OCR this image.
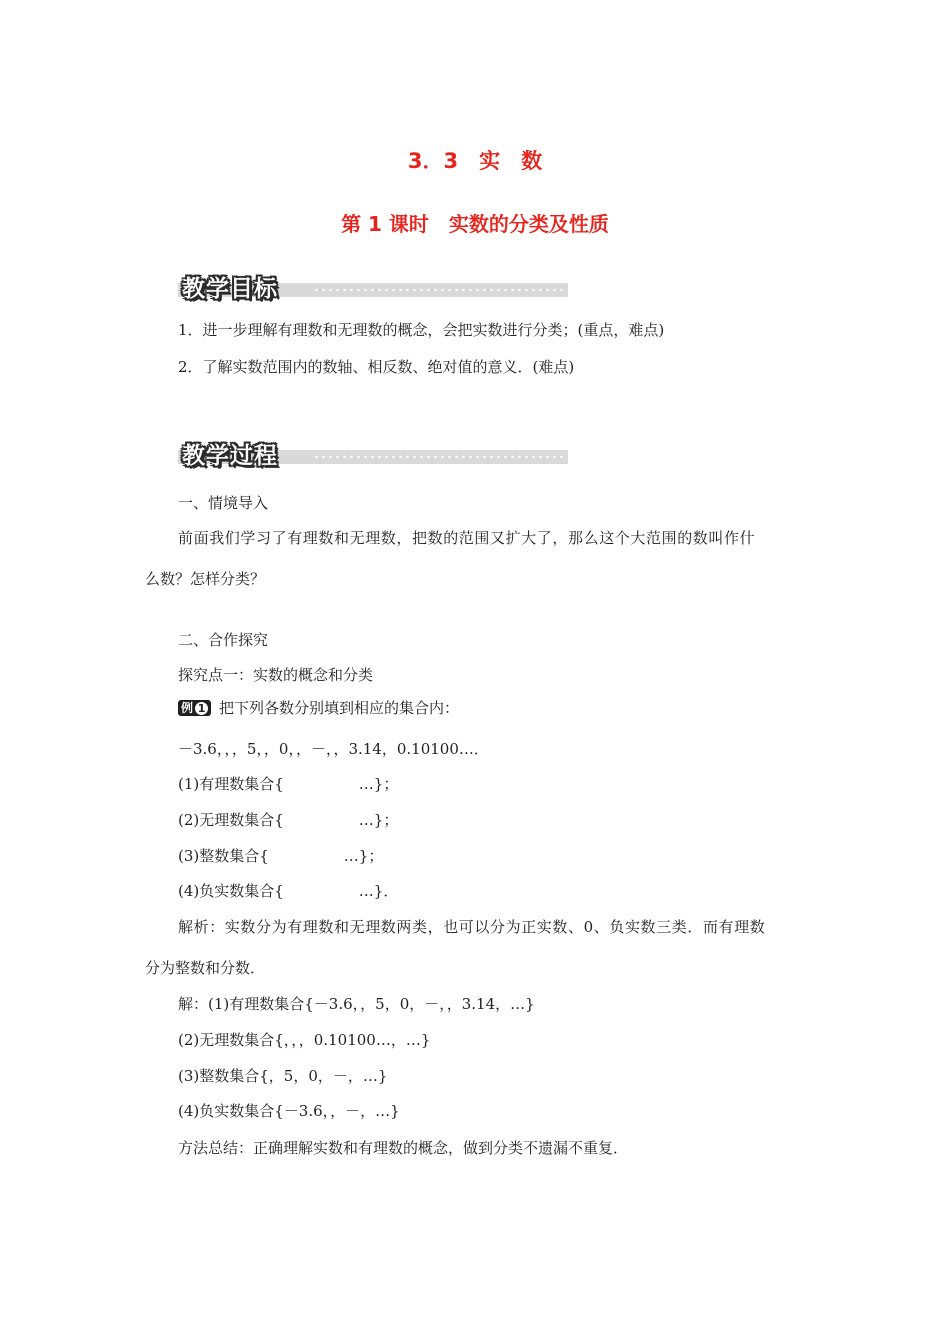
3．3　实　数
第 1 课时　实数的分类及性质
教学目标
1．进一步理解有理数和无理数的概念，会把实数进行分类；(重点，难点)
2．了解实数范围内的数轴、相反数、绝对值的意义．(难点)
教学过程
一、情境导入
前面我们学习了有理数和无理数，把数的范围又扩大了，那么这个大范围的数叫作什
么数？怎样分类？
二、合作探究
探究点一：实数的概念和分类
例 1 把下列各数分别填到相应的集合内：
－3.6，，，5，，0，，－，，3.14，0.10100…．
(1)有理数集合{　　　　　…}；
(2)无理数集合{　　　　　…}；
(3)整数集合{　　　　　…}；
(4)负实数集合{　　　　　…}．
解析：实数分为有理数和无理数两类，也可以分为正实数、0、负实数三类．而有理数
分为整数和分数．
解：(1)有理数集合{－3.6，，5，0，－，，3.14，…}
(2)无理数集合{，，，0.10100…，…}
(3)整数集合{，5，0，－，…}
(4)负实数集合{－3.6，，－，…}
方法总结：正确理解实数和有理数的概念，做到分类不遗漏不重复．
